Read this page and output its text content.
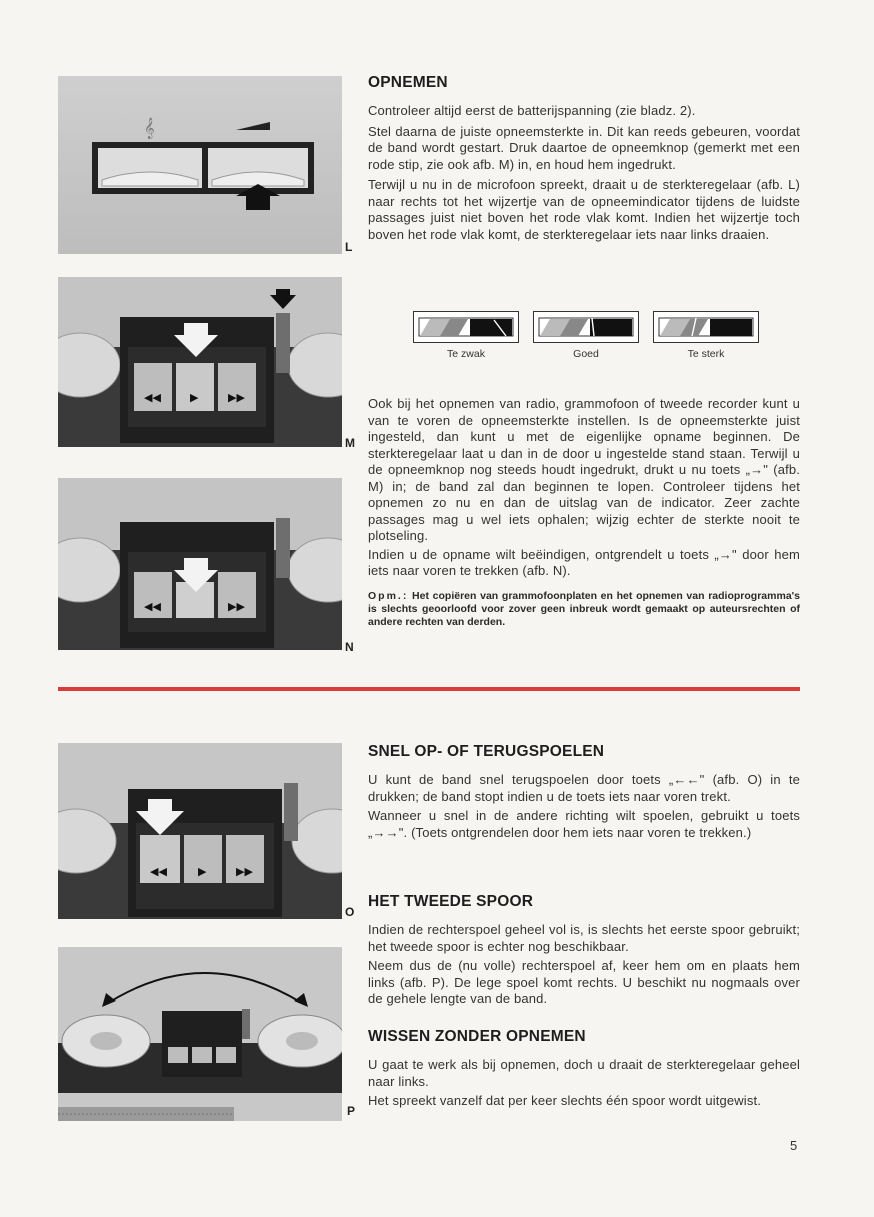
𝄞
L
◀◀	▶	▶▶
M
◀◀	▶▶
N
OPNEMEN

Controleer altijd eerst de batterijspanning (zie bladz. 2).

Stel daarna de juiste opneemsterkte in. Dit kan reeds gebeuren, voordat de band wordt gestart. Druk daartoe de opneemknop (gemerkt met een rode stip, zie ook afb. M) in, en houd hem ingedrukt.

Terwijl u nu in de microfoon spreekt, draait u de sterkteregelaar (afb. L) naar rechts tot het wijzertje van de opneemindicator tijdens de luidste passages juist niet boven het rode vlak komt. Indien het wijzertje toch boven het rode vlak komt, de sterkteregelaar iets naar links draaien.

Te zwak	Goed	Te sterk

Ook bij het opnemen van radio, grammofoon of tweede recorder kunt u van te voren de opneemsterkte instellen. Is de opneemsterkte juist ingesteld, dan kunt u met de eigenlijke opname beginnen. De sterkteregelaar laat u dan in de door u ingestelde stand staan. Terwijl u de opneemknop nog steeds houdt ingedrukt, drukt u nu toets „→" (afb. M) in; de band zal dan beginnen te lopen. Controleer tijdens het opnemen zo nu en dan de uitslag van de indicator. Zeer zachte passages mag u wel iets ophalen; wijzig echter de sterkte nooit te plotseling.

Indien u de opname wilt beëindigen, ontgrendelt u toets „→" door hem iets naar voren te trekken (afb. N).

Opm.: Het copiëren van grammofoonplaten en het opnemen van radioprogramma's is slechts geoorloofd voor zover geen inbreuk wordt gemaakt op auteursrechten of andere rechten van derden.

◀◀	▶	▶▶
O
P
SNEL OP- OF TERUGSPOELEN

U kunt de band snel terugspoelen door toets „←←" (afb. O) in te drukken; de band stopt indien u de toets iets naar voren trekt.

Wanneer u snel in de andere richting wilt spoelen, gebruikt u toets „→→". (Toets ontgrendelen door hem iets naar voren te trekken.)

HET TWEEDE SPOOR

Indien de rechterspoel geheel vol is, is slechts het eerste spoor gebruikt; het tweede spoor is echter nog beschikbaar.

Neem dus de (nu volle) rechterspoel af, keer hem om en plaats hem links (afb. P). De lege spoel komt rechts. U beschikt nu nogmaals over de gehele lengte van de band.

WISSEN ZONDER OPNEMEN

U gaat te werk als bij opnemen, doch u draait de sterkteregelaar geheel naar links.

Het spreekt vanzelf dat per keer slechts één spoor wordt uitgewist.

5
